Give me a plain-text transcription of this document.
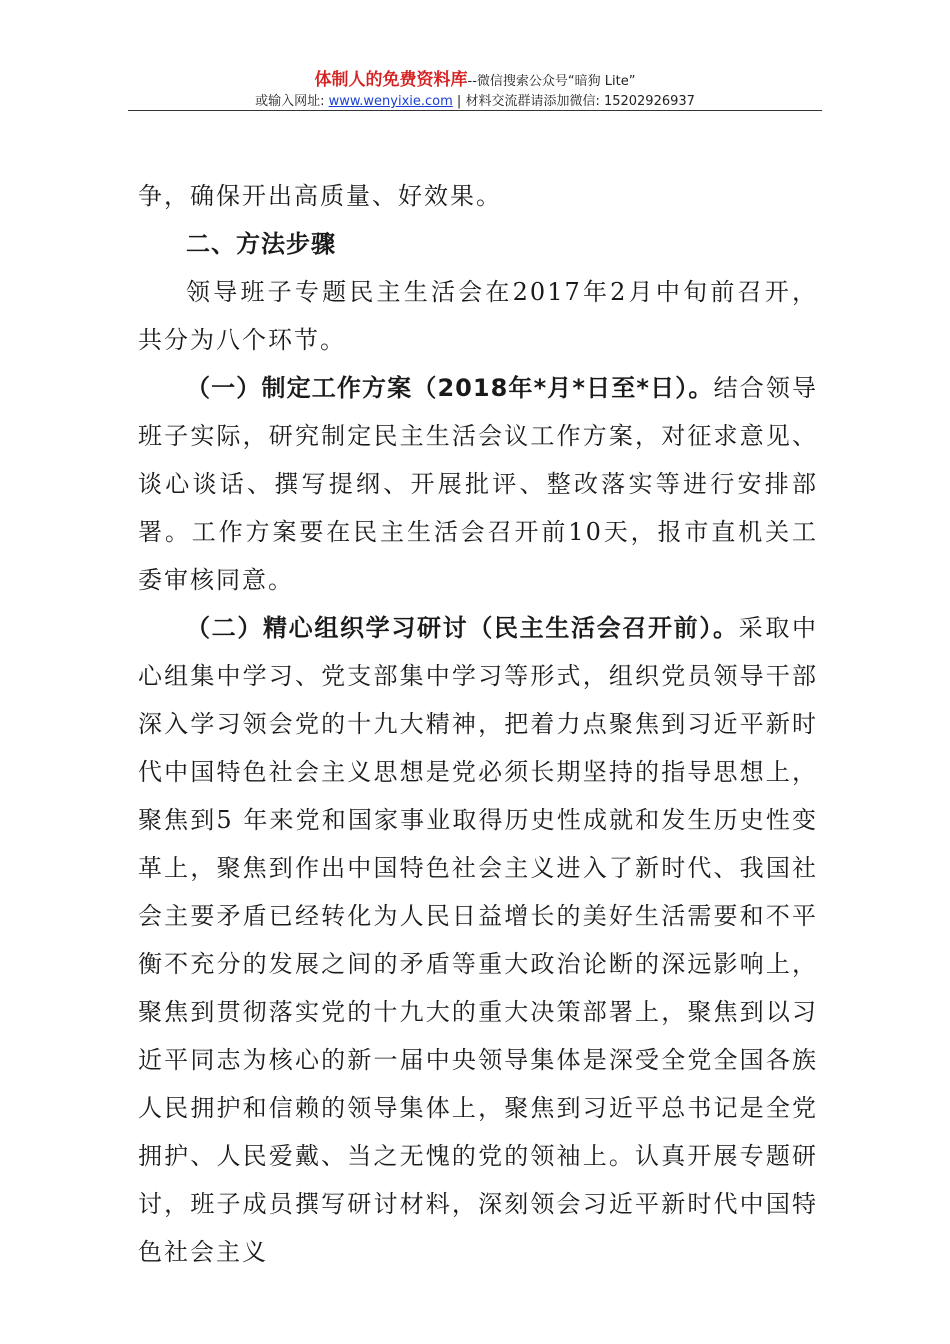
体制人的免费资料库--微信搜索公众号“暗狗 Lite”
或输入网址: www.wenyixie.com | 材料交流群请添加微信: 15202926937

争，确保开出高质量、好效果。

二、方法步骤

领导班子专题民主生活会在2017年2月中旬前召开，共分为八个环节。

（一）制定工作方案（2018年*月*日至*日）。结合领导班子实际，研究制定民主生活会议工作方案，对征求意见、谈心谈话、撰写提纲、开展批评、整改落实等进行安排部署。工作方案要在民主生活会召开前10天，报市直机关工委审核同意。

（二）精心组织学习研讨（民主生活会召开前）。采取中心组集中学习、党支部集中学习等形式，组织党员领导干部深入学习领会党的十九大精神，把着力点聚焦到习近平新时代中国特色社会主义思想是党必须长期坚持的指导思想上，聚焦到5 年来党和国家事业取得历史性成就和发生历史性变革上，聚焦到作出中国特色社会主义进入了新时代、我国社会主要矛盾已经转化为人民日益增长的美好生活需要和不平衡不充分的发展之间的矛盾等重大政治论断的深远影响上，聚焦到贯彻落实党的十九大的重大决策部署上，聚焦到以习近平同志为核心的新一届中央领导集体是深受全党全国各族人民拥护和信赖的领导集体上，聚焦到习近平总书记是全党拥护、人民爱戴、当之无愧的党的领袖上。认真开展专题研讨，班子成员撰写研讨材料，深刻领会习近平新时代中国特色社会主义
